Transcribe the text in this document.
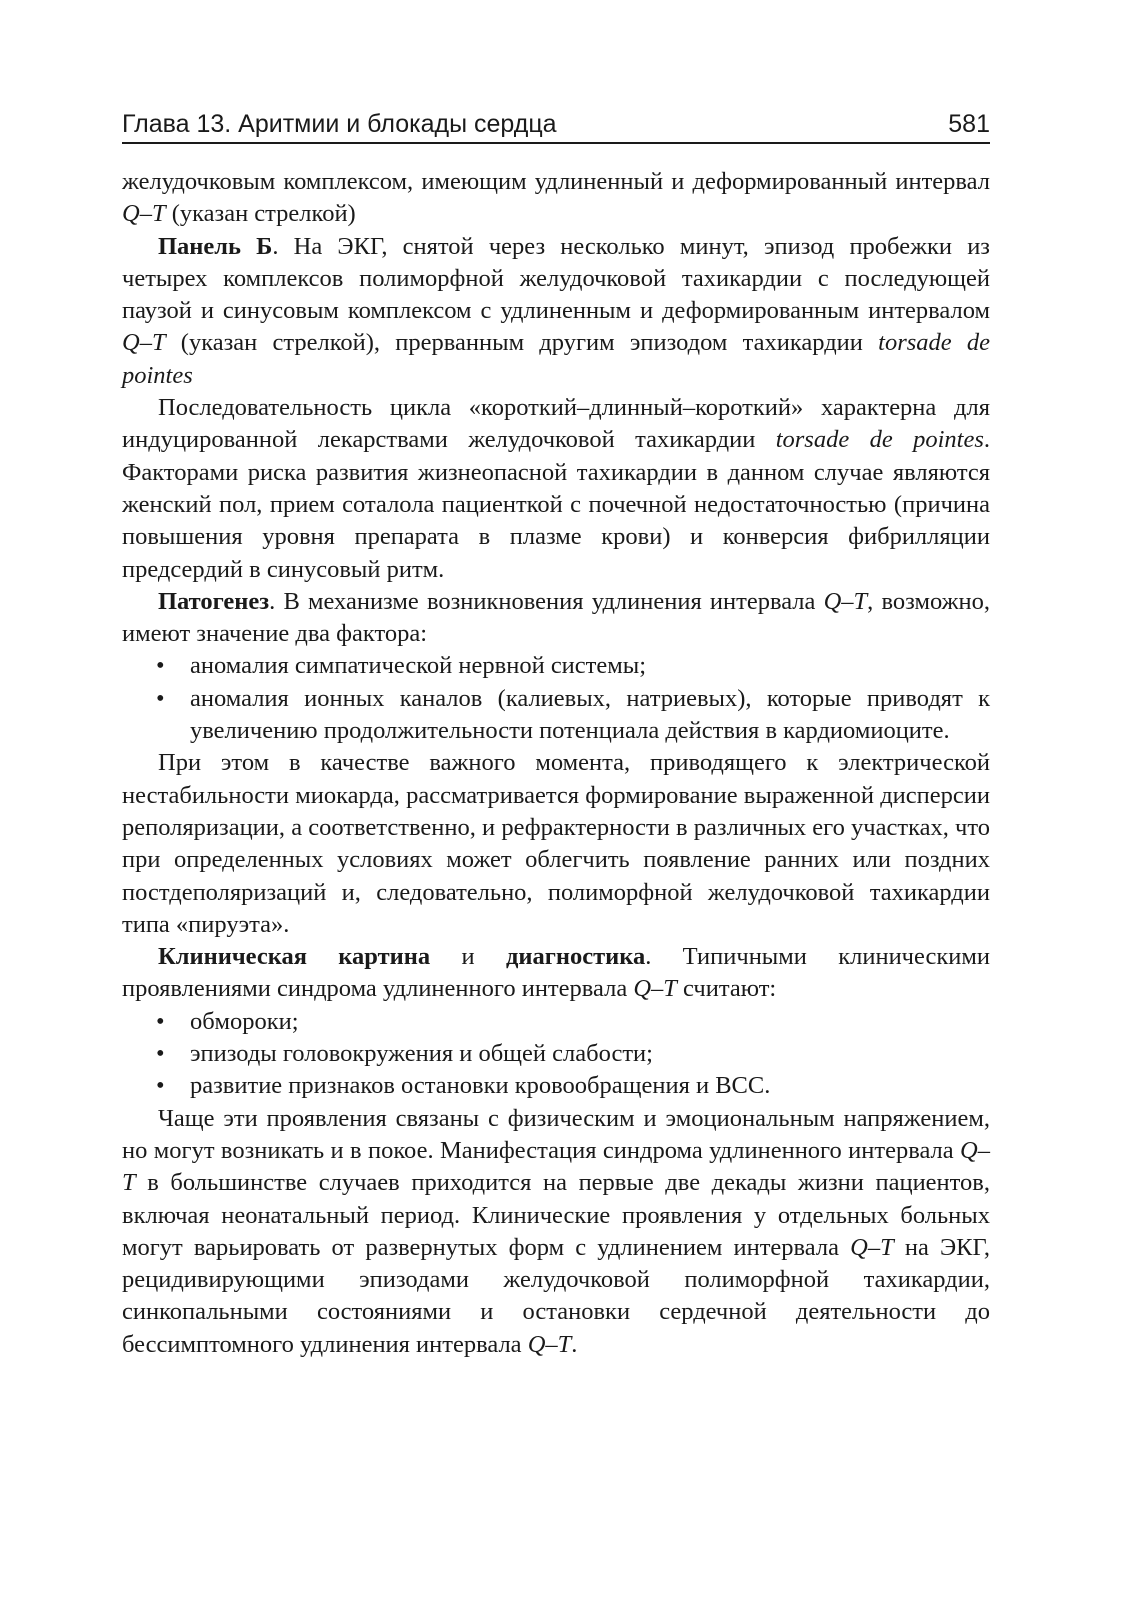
Глава 13. Аритмии и блокады сердца	581

желудочковым комплексом, имеющим удлиненный и деформированный интервал Q–T (указан стрелкой)

Панель Б. На ЭКГ, снятой через несколько минут, эпизод пробежки из четырех комплексов полиморфной желудочковой тахикардии с последующей паузой и синусовым комплексом с удлиненным и деформированным интервалом Q–T (указан стрелкой), прерванным другим эпизодом тахикардии torsade de pointes

Последовательность цикла «короткий–длинный–короткий» характерна для индуцированной лекарствами желудочковой тахикардии torsade de pointes. Факторами риска развития жизнеопасной тахикардии в данном случае являются женский пол, прием соталола пациенткой с почечной недостаточностью (причина повышения уровня препарата в плазме крови) и конверсия фибрилляции предсердий в синусовый ритм.

Патогенез. В механизме возникновения удлинения интервала Q–T, возможно, имеют значение два фактора:

• аномалия симпатической нервной системы;
• аномалия ионных каналов (калиевых, натриевых), которые приводят к увеличению продолжительности потенциала действия в кардиомиоците.

При этом в качестве важного момента, приводящего к электрической нестабильности миокарда, рассматривается формирование выраженной дисперсии реполяризации, а соответственно, и рефрактерности в различных его участках, что при определенных условиях может облегчить появление ранних или поздних постдеполяризаций и, следовательно, полиморфной желудочковой тахикардии типа «пируэта».

Клиническая картина и диагностика. Типичными клиническими проявлениями синдрома удлиненного интервала Q–T считают:

• обмороки;
• эпизоды головокружения и общей слабости;
• развитие признаков остановки кровообращения и ВСС.

Чаще эти проявления связаны с физическим и эмоциональным напряжением, но могут возникать и в покое. Манифестация синдрома удлиненного интервала Q–T в большинстве случаев приходится на первые две декады жизни пациентов, включая неонатальный период. Клинические проявления у отдельных больных могут варьировать от развернутых форм с удлинением интервала Q–T на ЭКГ, рецидивирующими эпизодами желудочковой полиморфной тахикардии, синкопальными состояниями и остановки сердечной деятельности до бессимптомного удлинения интервала Q–T.
